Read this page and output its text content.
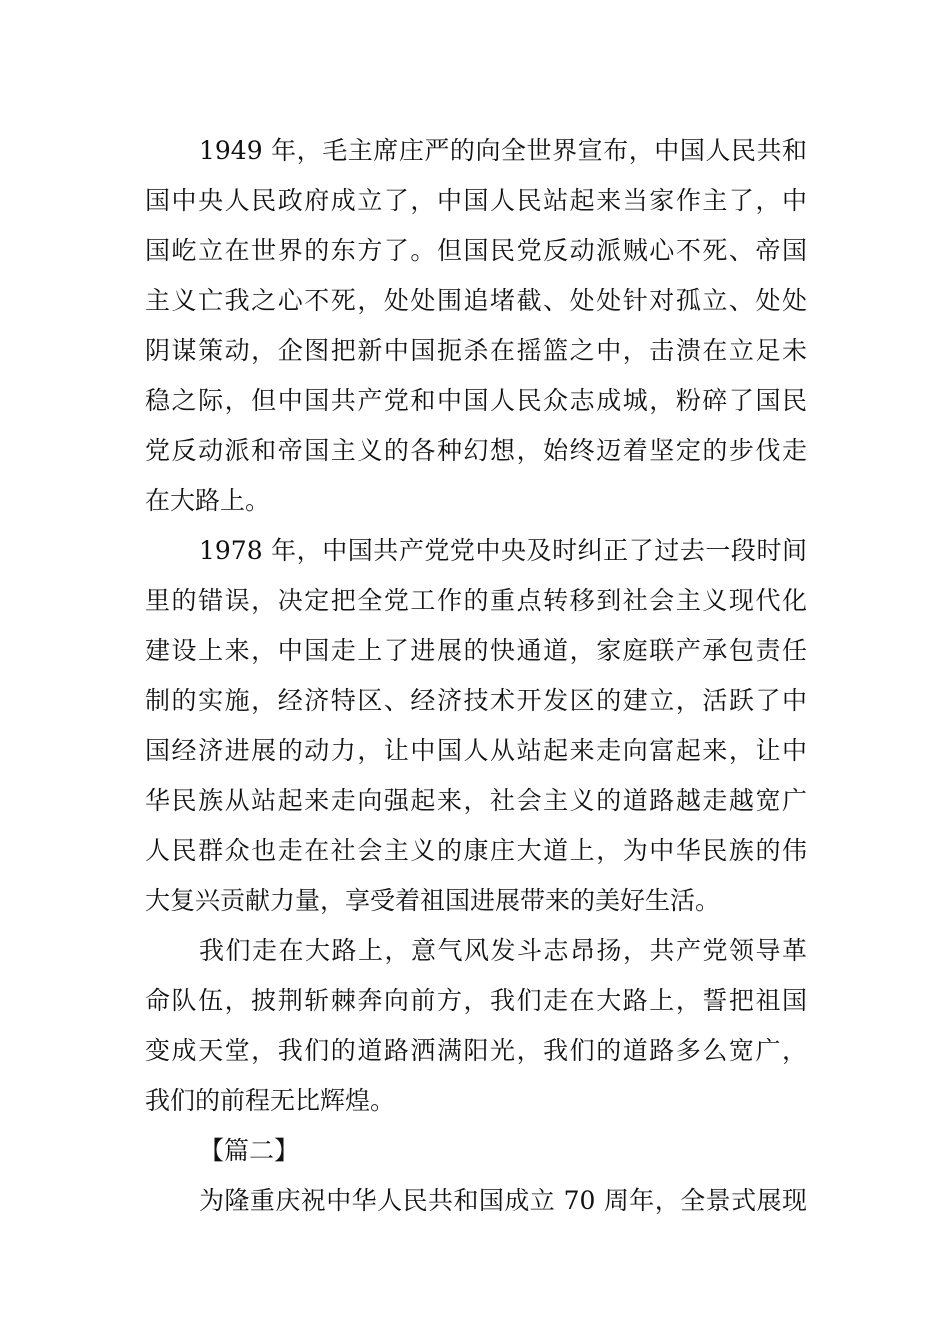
1949 年，毛主席庄严的向全世界宣布，中国人民共和
国中央人民政府成立了，中国人民站起来当家作主了，中
国屹立在世界的东方了。但国民党反动派贼心不死、帝国
主义亡我之心不死，处处围追堵截、处处针对孤立、处处
阴谋策动，企图把新中国扼杀在摇篮之中，击溃在立足未
稳之际，但中国共产党和中国人民众志成城，粉碎了国民
党反动派和帝国主义的各种幻想，始终迈着坚定的步伐走
在大路上。
1978 年，中国共产党党中央及时纠正了过去一段时间
里的错误，决定把全党工作的重点转移到社会主义现代化
建设上来，中国走上了进展的快通道，家庭联产承包责任
制的实施，经济特区、经济技术开发区的建立，活跃了中
国经济进展的动力，让中国人从站起来走向富起来，让中
华民族从站起来走向强起来，社会主义的道路越走越宽广
人民群众也走在社会主义的康庄大道上，为中华民族的伟
大复兴贡献力量，享受着祖国进展带来的美好生活。
我们走在大路上，意气风发斗志昂扬，共产党领导革
命队伍，披荆斩棘奔向前方，我们走在大路上，誓把祖国
变成天堂，我们的道路洒满阳光，我们的道路多么宽广，
我们的前程无比辉煌。
【篇二】
为隆重庆祝中华人民共和国成立 70 周年，全景式展现
